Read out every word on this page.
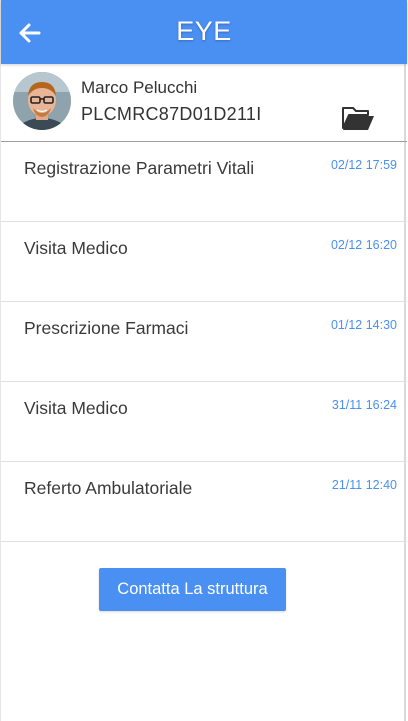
EYE
Marco Pelucchi
PLCMRC87D01D211I
Registrazione Parametri Vitali	02/12 17:59
Visita Medico	02/12 16:20
Prescrizione Farmaci	01/12 14:30
Visita Medico	31/11 16:24
Referto Ambulatoriale	21/11 12:40
Contatta La struttura
